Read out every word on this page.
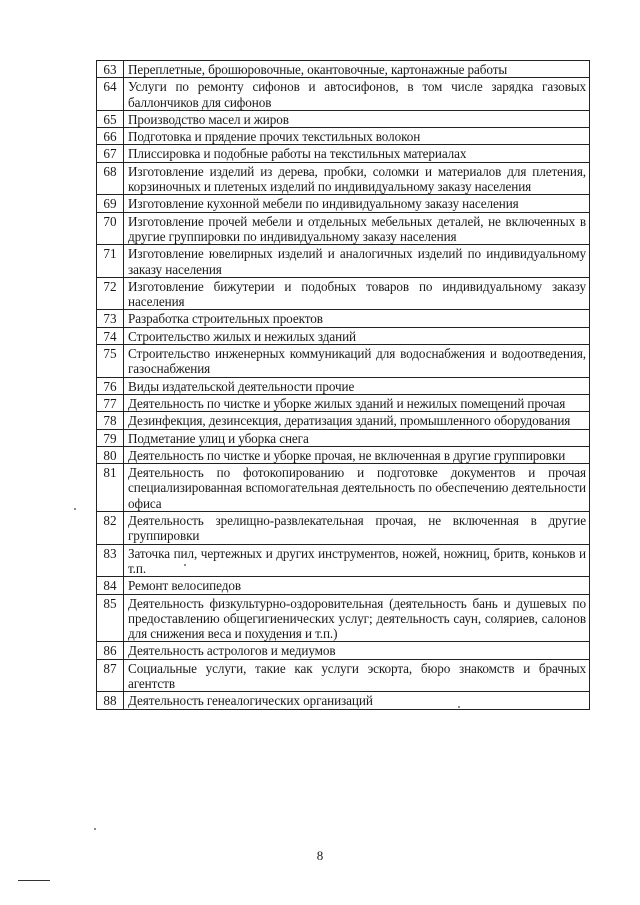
63	Переплетные, брошюровочные, окантовочные, картонажные работы
64	Услуги по ремонту сифонов и автосифонов, в том числе зарядка газовых баллончиков для сифонов
65	Производство масел и жиров
66	Подготовка и прядение прочих текстильных волокон
67	Плиссировка и подобные работы на текстильных материалах
68	Изготовление изделий из дерева, пробки, соломки и материалов для плетения, корзиночных и плетеных изделий по индивидуальному заказу населения
69	Изготовление кухонной мебели по индивидуальному заказу населения
70	Изготовление прочей мебели и отдельных мебельных деталей, не включенных в другие группировки по индивидуальному заказу населения
71	Изготовление ювелирных изделий и аналогичных изделий по индивидуальному заказу населения
72	Изготовление бижутерии и подобных товаров по индивидуальному заказу населения
73	Разработка строительных проектов
74	Строительство жилых и нежилых зданий
75	Строительство инженерных коммуникаций для водоснабжения и водоотведения, газоснабжения
76	Виды издательской деятельности прочие
77	Деятельность по чистке и уборке жилых зданий и нежилых помещений прочая
78	Дезинфекция, дезинсекция, дератизация зданий, промышленного оборудования
79	Подметание улиц и уборка снега
80	Деятельность по чистке и уборке прочая, не включенная в другие группировки
81	Деятельность по фотокопированию и подготовке документов и прочая специализированная вспомогательная деятельность по обеспечению деятельности офиса
82	Деятельность зрелищно-развлекательная прочая, не включенная в другие группировки
83	Заточка пил, чертежных и других инструментов, ножей, ножниц, бритв, коньков и т.п.
84	Ремонт велосипедов
85	Деятельность физкультурно-оздоровительная (деятельность бань и душевых по предоставлению общегигиенических услуг; деятельность саун, соляриев, салонов для снижения веса и похудения и т.п.)
86	Деятельность астрологов и медиумов
87	Социальные услуги, такие как услуги эскорта, бюро знакомств и брачных агентств
88	Деятельность генеалогических организаций
8
